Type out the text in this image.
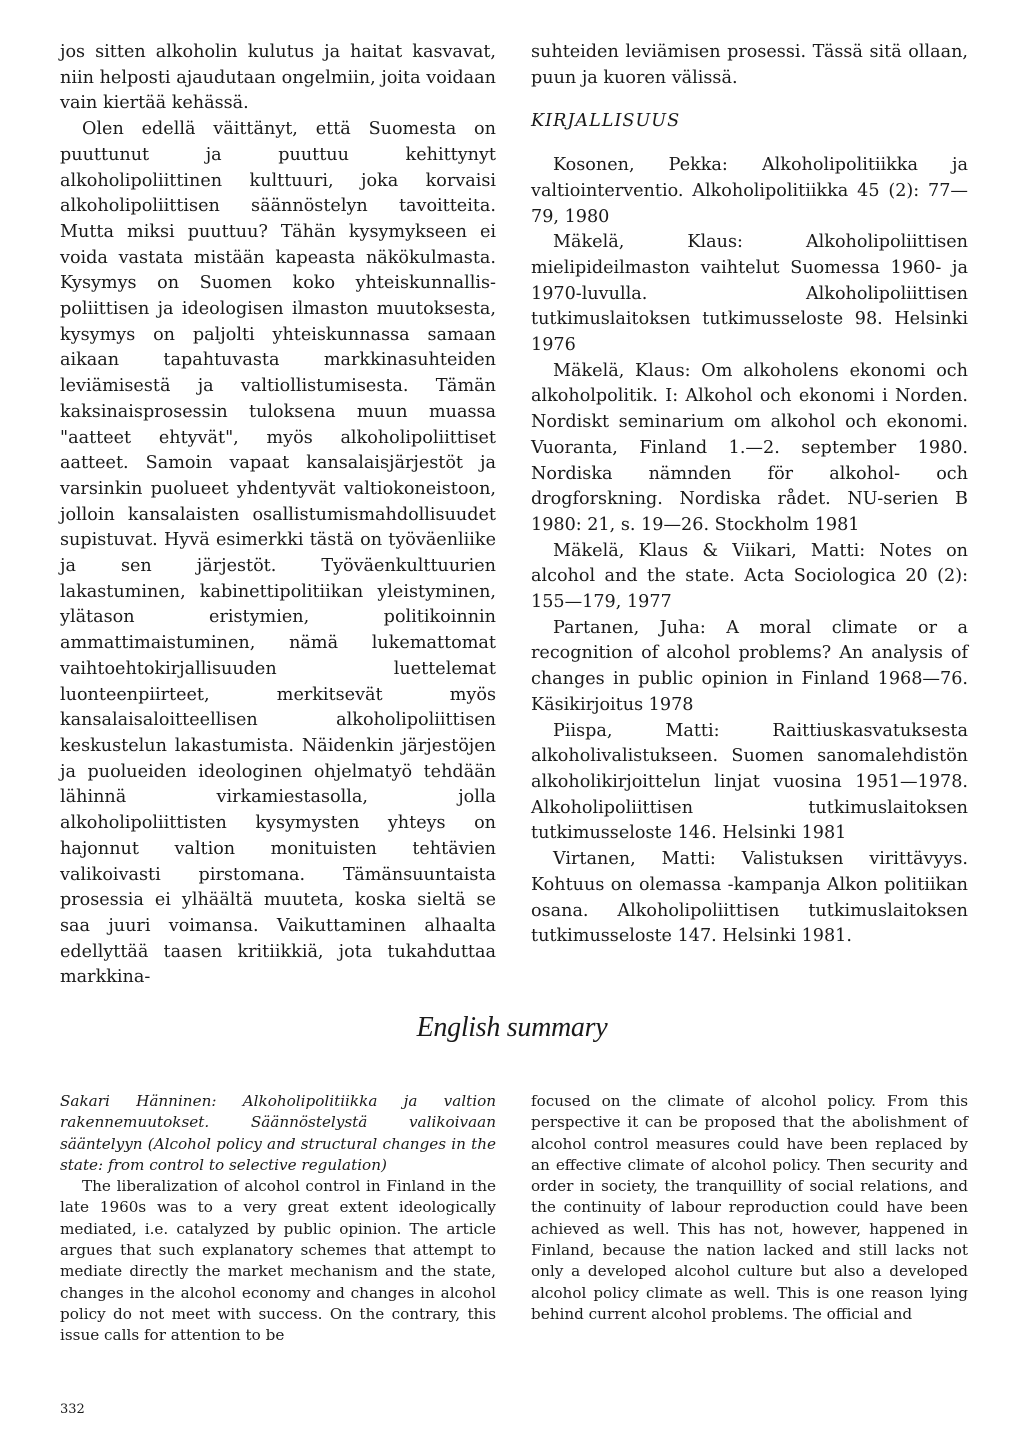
jos sitten alkoholin kulutus ja haitat kasvavat, niin helposti ajaudutaan ongelmiin, joita voidaan vain kiertää kehässä.

Olen edellä väittänyt, että Suomesta on puuttunut ja puuttuu kehittynyt alkoholipoliittinen kulttuuri, joka korvaisi alkoholipoliittisen säännöstelyn tavoitteita. Mutta miksi puuttuu? Tähän kysymykseen ei voida vastata mistään kapeasta näkökulmasta. Kysymys on Suomen koko yhteiskunnallis-poliittisen ja ideologisen ilmaston muutoksesta, kysymys on paljolti yhteiskunnassa samaan aikaan tapahtuvasta markkinasuhteiden leviämisestä ja valtiollistumisesta. Tämän kaksinaisprosessin tuloksena muun muassa "aatteet ehtyvät", myös alkoholipoliittiset aatteet. Samoin vapaat kansalaisjärjestöt ja varsinkin puolueet yhdentyvät valtiokoneistoon, jolloin kansalaisten osallistumismahdollisuudet supistuvat. Hyvä esimerkki tästä on työväenliike ja sen järjestöt. Työväenkulttuurien lakastuminen, kabinettipolitiikan yleistyminen, ylätason eristymien, politikoinnin ammattimaistuminen, nämä lukemattomat vaihtoehtokirjallisuuden luettelemat luonteenpiirteet, merkitsevät myös kansalaisaloitteellisen alkoholipoliittisen keskustelun lakastumista. Näidenkin järjestöjen ja puolueiden ideologinen ohjelmatyö tehdään lähinnä virkamiestasolla, jolla alkoholipoliittisten kysymysten yhteys on hajonnut valtion monituisten tehtävien valikoivasti pirstomana. Tämänsuuntaista prosessia ei ylhäältä muuteta, koska sieltä se saa juuri voimansa. Vaikuttaminen alhaalta edellyttää taasen kritiikkiä, jota tukahduttaa markkina-

suhteiden leviämisen prosessi. Tässä sitä ollaan, puun ja kuoren välissä.

KIRJALLISUUS

Kosonen, Pekka: Alkoholipolitiikka ja valtiointerventio. Alkoholipolitiikka 45 (2): 77—79, 1980

Mäkelä, Klaus: Alkoholipoliittisen mielipideilmaston vaihtelut Suomessa 1960- ja 1970-luvulla. Alkoholipoliittisen tutkimuslaitoksen tutkimusseloste 98. Helsinki 1976

Mäkelä, Klaus: Om alkoholens ekonomi och alkoholpolitik. I: Alkohol och ekonomi i Norden. Nordiskt seminarium om alkohol och ekonomi. Vuoranta, Finland 1.—2. september 1980. Nordiska nämnden för alkohol- och drogforskning. Nordiska rådet. NU-serien B 1980: 21, s. 19—26. Stockholm 1981

Mäkelä, Klaus & Viikari, Matti: Notes on alcohol and the state. Acta Sociologica 20 (2): 155—179, 1977

Partanen, Juha: A moral climate or a recognition of alcohol problems? An analysis of changes in public opinion in Finland 1968—76. Käsikirjoitus 1978

Piispa, Matti: Raittiuskasvatuksesta alkoholivalistukseen. Suomen sanomalehdistön alkoholikirjoittelun linjat vuosina 1951—1978. Alkoholipoliittisen tutkimuslaitoksen tutkimusseloste 146. Helsinki 1981

Virtanen, Matti: Valistuksen virittävyys. Kohtuus on olemassa -kampanja Alkon politiikan osana. Alkoholipoliittisen tutkimuslaitoksen tutkimusseloste 147. Helsinki 1981.

English summary

Sakari Hänninen: Alkoholipolitiikka ja valtion rakennemuutokset. Säännöstelystä valikoivaan sääntelyyn (Alcohol policy and structural changes in the state: from control to selective regulation)

The liberalization of alcohol control in Finland in the late 1960s was to a very great extent ideologically mediated, i.e. catalyzed by public opinion. The article argues that such explanatory schemes that attempt to mediate directly the market mechanism and the state, changes in the alcohol economy and changes in alcohol policy do not meet with success. On the contrary, this issue calls for attention to be

focused on the climate of alcohol policy. From this perspective it can be proposed that the abolishment of alcohol control measures could have been replaced by an effective climate of alcohol policy. Then security and order in society, the tranquillity of social relations, and the continuity of labour reproduction could have been achieved as well. This has not, however, happened in Finland, because the nation lacked and still lacks not only a developed alcohol culture but also a developed alcohol policy climate as well. This is one reason lying behind current alcohol problems. The official and

332
